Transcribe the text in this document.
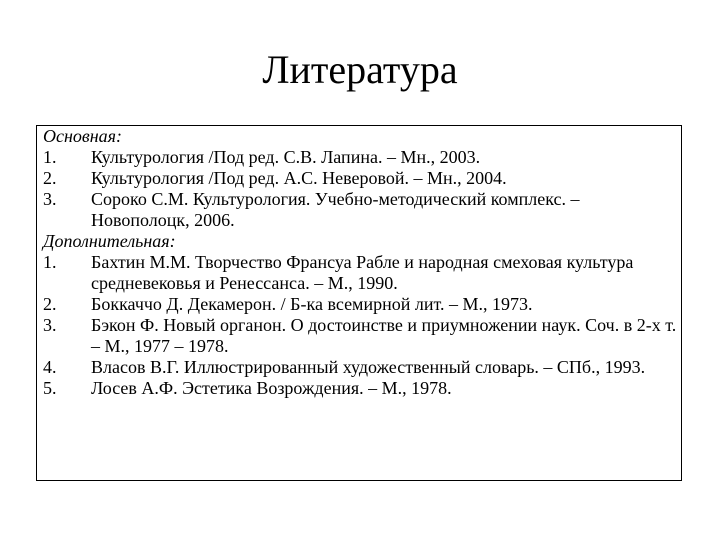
Литература

Основная:

1.	Культурология /Под ред. С.В. Лапина. – Мн., 2003.
2.	Культурология /Под ред. А.С. Неверовой. – Мн., 2004.
3.	Сороко С.М. Культурология. Учебно-методический комплекс. – Новополоцк, 2006.

Дополнительная:

1.	Бахтин М.М. Творчество Франсуа Рабле и народная смеховая культура средневековья и Ренессанса. – М., 1990.
2.	Боккаччо Д. Декамерон. / Б-ка всемирной лит. – М., 1973.
3.	Бэкон Ф. Новый органон. О достоинстве и приумножении наук. Соч. в 2-х т. – М., 1977 – 1978.
4.	Власов В.Г. Иллюстрированный художественный словарь. – СПб., 1993.
5.	Лосев А.Ф. Эстетика Возрождения. – М., 1978.
